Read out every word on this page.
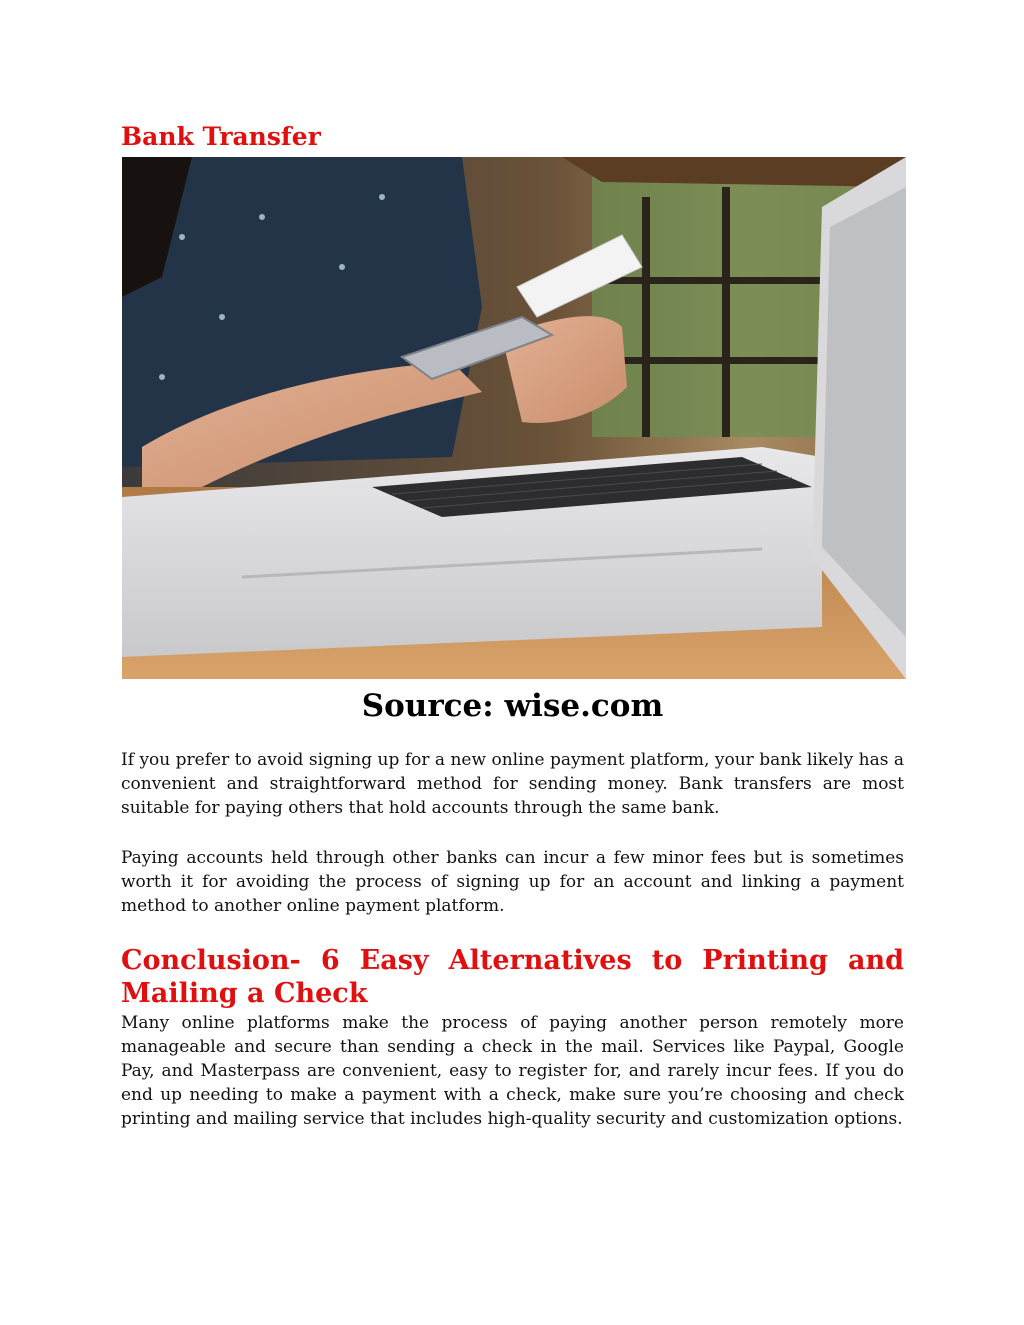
Bank Transfer
Source: wise.com

If you prefer to avoid signing up for a new online payment platform, your bank likely has a convenient and straightforward method for sending money. Bank transfers are most suitable for paying others that hold accounts through the same bank.

Paying accounts held through other banks can incur a few minor fees but is sometimes worth it for avoiding the process of signing up for an account and linking a payment method to another online payment platform.

Conclusion- 6 Easy Alternatives to Printing and Mailing a Check

Many online platforms make the process of paying another person remotely more manageable and secure than sending a check in the mail. Services like Paypal, Google Pay, and Masterpass are convenient, easy to register for, and rarely incur fees. If you do end up needing to make a payment with a check, make sure you’re choosing and check printing and mailing service that includes high-quality security and customization options.
